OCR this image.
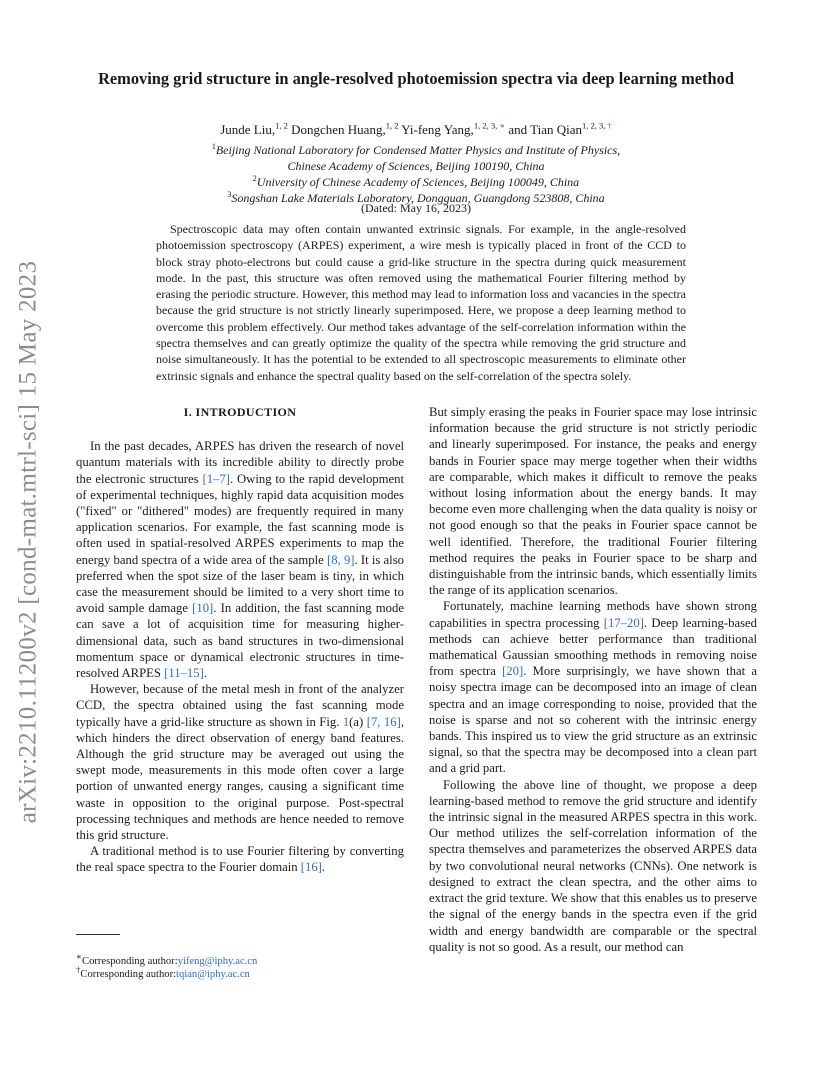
arXiv:2210.11200v2 [cond-mat.mtrl-sci] 15 May 2023
Removing grid structure in angle-resolved photoemission spectra via deep learning method
Junde Liu,$^{1, 2}$ Dongchen Huang,$^{1, 2}$ Yi-feng Yang,$^{1, 2, 3,}$ ∗ and Tian Qian$^{1, 2, 3,}$ †
$^1$Beijing National Laboratory for Condensed Matter Physics and Institute of Physics,
Chinese Academy of Sciences, Beijing 100190, China
$^2$University of Chinese Academy of Sciences, Beijing 100049, China
$^3$Songshan Lake Materials Laboratory, Dongguan, Guangdong 523808, China
(Dated: May 16, 2023)

Spectroscopic data may often contain unwanted extrinsic signals. For example, in the angle-resolved photoemission spectroscopy (ARPES) experiment, a wire mesh is typically placed in front of the CCD to block stray photo-electrons but could cause a grid-like structure in the spectra during quick measurement mode. In the past, this structure was often removed using the mathematical Fourier filtering method by erasing the periodic structure. However, this method may lead to information loss and vacancies in the spectra because the grid structure is not strictly linearly superimposed. Here, we propose a deep learning method to overcome this problem effectively. Our method takes advantage of the self-correlation information within the spectra themselves and can greatly optimize the quality of the spectra while removing the grid structure and noise simultaneously. It has the potential to be extended to all spectroscopic measurements to eliminate other extrinsic signals and enhance the spectral quality based on the self-correlation of the spectra solely.

I. INTRODUCTION

In the past decades, ARPES has driven the research of novel quantum materials with its incredible ability to directly probe the electronic structures [1–7]. Owing to the rapid development of experimental techniques, highly rapid data acquisition modes ("fixed" or "dithered" modes) are frequently required in many application scenarios. For example, the fast scanning mode is often used in spatial-resolved ARPES experiments to map the energy band spectra of a wide area of the sample [8, 9]. It is also preferred when the spot size of the laser beam is tiny, in which case the measurement should be limited to a very short time to avoid sample damage [10]. In addition, the fast scanning mode can save a lot of acquisition time for measuring higher-dimensional data, such as band structures in two-dimensional momentum space or dynamical electronic structures in time-resolved ARPES [11–15].

However, because of the metal mesh in front of the analyzer CCD, the spectra obtained using the fast scanning mode typically have a grid-like structure as shown in Fig. 1(a) [7, 16], which hinders the direct observation of energy band features. Although the grid structure may be averaged out using the swept mode, measurements in this mode often cover a large portion of unwanted energy ranges, causing a significant time waste in opposition to the original purpose. Post-spectral processing techniques and methods are hence needed to remove this grid structure.

A traditional method is to use Fourier filtering by converting the real space spectra to the Fourier domain [16].

But simply erasing the peaks in Fourier space may lose intrinsic information because the grid structure is not strictly periodic and linearly superimposed. For instance, the peaks and energy bands in Fourier space may merge together when their widths are comparable, which makes it difficult to remove the peaks without losing information about the energy bands. It may become even more challenging when the data quality is noisy or not good enough so that the peaks in Fourier space cannot be well identified. Therefore, the traditional Fourier filtering method requires the peaks in Fourier space to be sharp and distinguishable from the intrinsic bands, which essentially limits the range of its application scenarios.

Fortunately, machine learning methods have shown strong capabilities in spectra processing [17–20]. Deep learning-based methods can achieve better performance than traditional mathematical Gaussian smoothing methods in removing noise from spectra [20]. More surprisingly, we have shown that a noisy spectra image can be decomposed into an image of clean spectra and an image corresponding to noise, provided that the noise is sparse and not so coherent with the intrinsic energy bands. This inspired us to view the grid structure as an extrinsic signal, so that the spectra may be decomposed into a clean part and a grid part.

Following the above line of thought, we propose a deep learning-based method to remove the grid structure and identify the intrinsic signal in the measured ARPES spectra in this work. Our method utilizes the self-correlation information of the spectra themselves and parameterizes the observed ARPES data by two convolutional neural networks (CNNs). One network is designed to extract the clean spectra, and the other aims to extract the grid texture. We show that this enables us to preserve the signal of the energy bands in the spectra even if the grid width and energy bandwidth are comparable or the spectral quality is not so good. As a result, our method can

∗Corresponding author:yifeng@iphy.ac.cn
†Corresponding author:tqian@iphy.ac.cn
